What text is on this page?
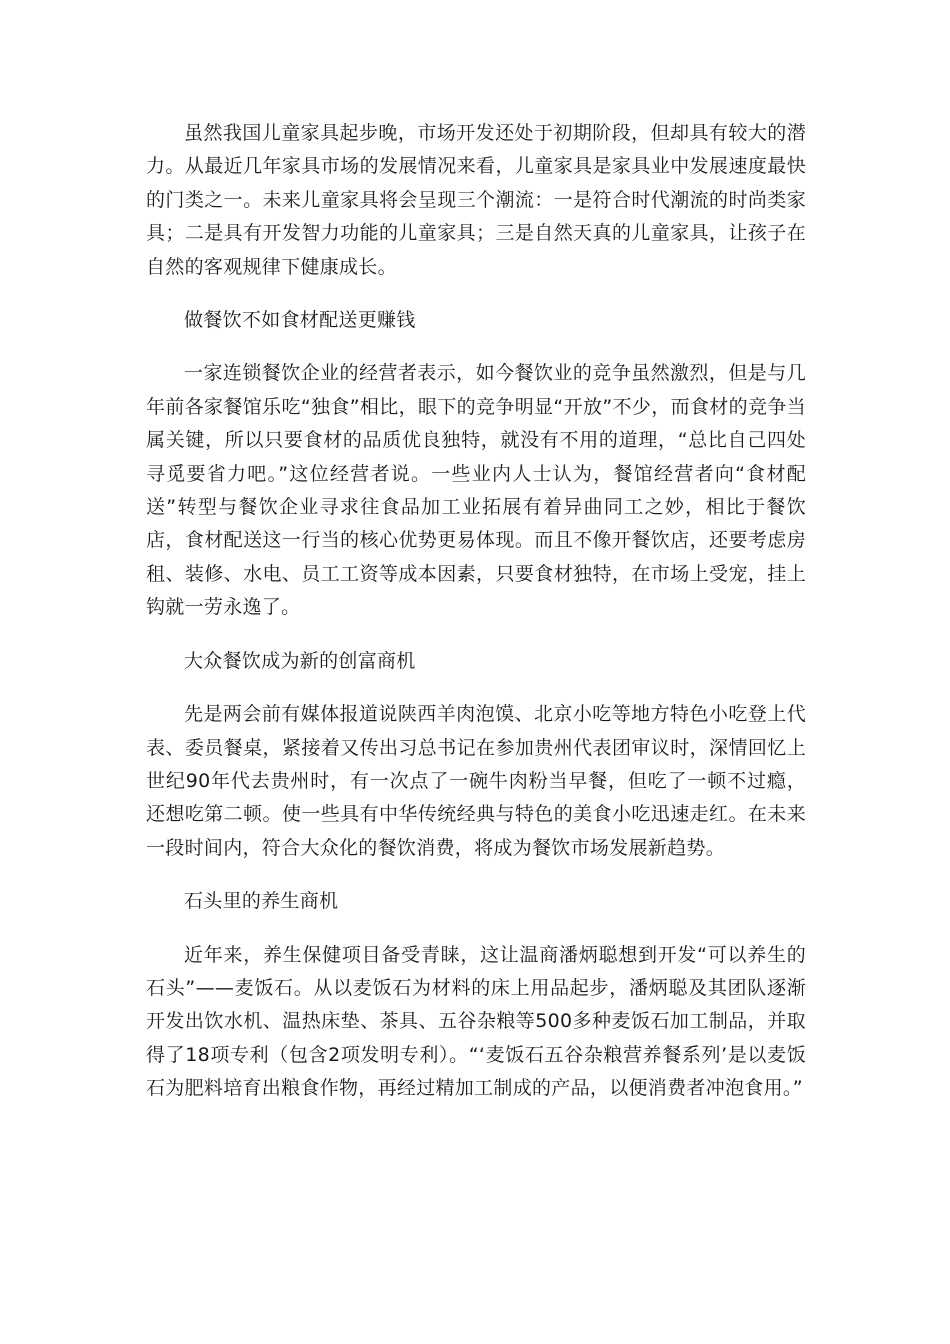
虽然我国儿童家具起步晚，市场开发还处于初期阶段，但却具有较大的潜力。从最近几年家具市场的发展情况来看，儿童家具是家具业中发展速度最快的门类之一。未来儿童家具将会呈现三个潮流：一是符合时代潮流的时尚类家具；二是具有开发智力功能的儿童家具；三是自然天真的儿童家具，让孩子在自然的客观规律下健康成长。

做餐饮不如食材配送更赚钱

一家连锁餐饮企业的经营者表示，如今餐饮业的竞争虽然激烈，但是与几年前各家餐馆乐吃“独食”相比，眼下的竞争明显“开放”不少，而食材的竞争当属关键，所以只要食材的品质优良独特，就没有不用的道理，“总比自己四处寻觅要省力吧。”这位经营者说。一些业内人士认为，餐馆经营者向“食材配送”转型与餐饮企业寻求往食品加工业拓展有着异曲同工之妙，相比于餐饮店，食材配送这一行当的核心优势更易体现。而且不像开餐饮店，还要考虑房租、装修、水电、员工工资等成本因素，只要食材独特，在市场上受宠，挂上钩就一劳永逸了。

大众餐饮成为新的创富商机

先是两会前有媒体报道说陕西羊肉泡馍、北京小吃等地方特色小吃登上代表、委员餐桌，紧接着又传出习总书记在参加贵州代表团审议时，深情回忆上世纪90年代去贵州时，有一次点了一碗牛肉粉当早餐，但吃了一顿不过瘾，还想吃第二顿。使一些具有中华传统经典与特色的美食小吃迅速走红。在未来一段时间内，符合大众化的餐饮消费，将成为餐饮市场发展新趋势。

石头里的养生商机

近年来，养生保健项目备受青睐，这让温商潘炳聪想到开发“可以养生的石头”——麦饭石。从以麦饭石为材料的床上用品起步，潘炳聪及其团队逐渐开发出饮水机、温热床垫、茶具、五谷杂粮等500多种麦饭石加工制品，并取得了18项专利（包含2项发明专利）。“‘麦饭石五谷杂粮营养餐系列’是以麦饭石为肥料培育出粮食作物，再经过精加工制成的产品，以便消费者冲泡食用。”
